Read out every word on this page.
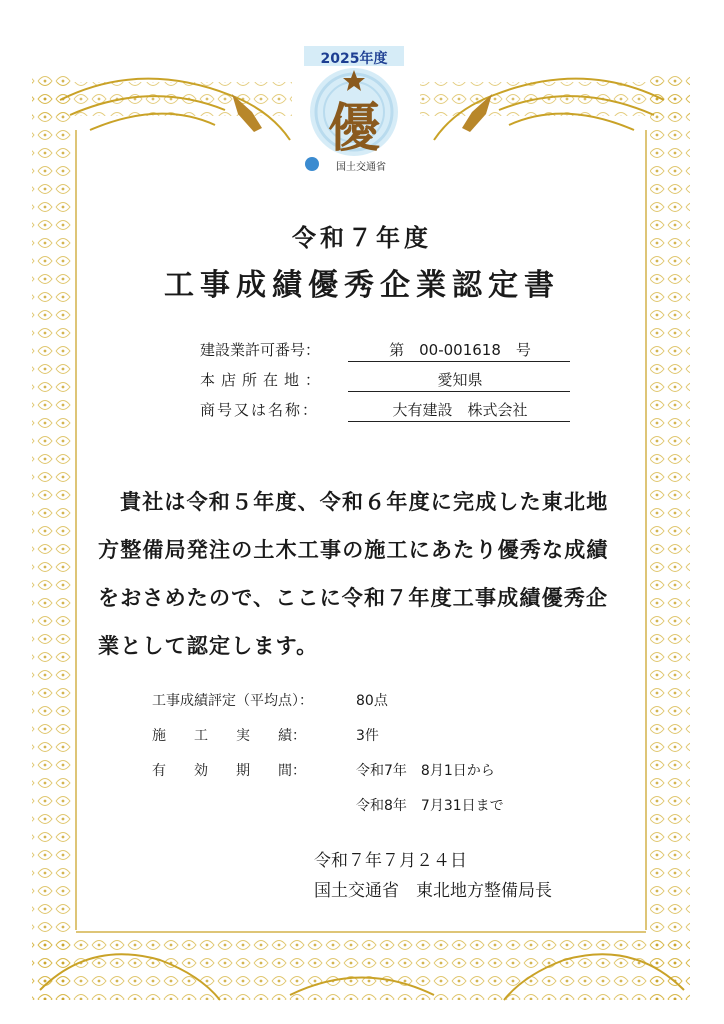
2025年度
優
国土交通省
令和７年度
工事成績優秀企業認定書
建設業許可番号：	第　00-001618　号
本店所在地：	愛知県
商号又は名称：	大有建設　株式会社
貴社は令和５年度、令和６年度に完成した東北地方整備局発注の土木工事の施工にあたり優秀な成績をおさめたので、ここに令和７年度工事成績優秀企業として認定します。
工事成績評定（平均点）：	80点
施　　工　　実　　績：	3件
有　　効　　期　　間：	令和7年　8月1日から
令和8年　7月31日まで
令和７年７月２４日
国土交通省　東北地方整備局長
